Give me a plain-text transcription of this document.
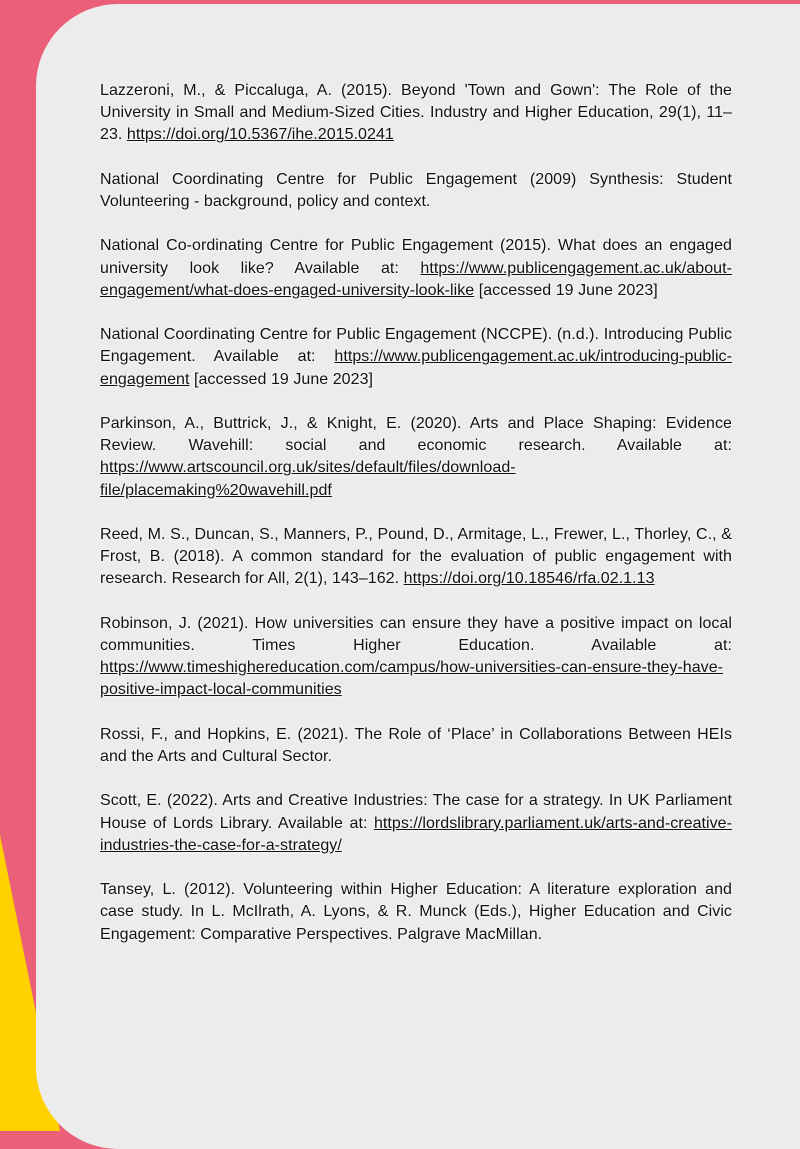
Lazzeroni, M., & Piccaluga, A. (2015). Beyond 'Town and Gown': The Role of the University in Small and Medium-Sized Cities. Industry and Higher Education, 29(1), 11–23. https://doi.org/10.5367/ihe.2015.0241

National Coordinating Centre for Public Engagement (2009) Synthesis: Student Volunteering - background, policy and context.

National Co-ordinating Centre for Public Engagement (2015). What does an engaged university look like? Available at: https://www.publicengagement.ac.uk/about-engagement/what-does-engaged-university-look-like [accessed 19 June 2023]

National Coordinating Centre for Public Engagement (NCCPE). (n.d.). Introducing Public Engagement. Available at: https://www.publicengagement.ac.uk/introducing-public-engagement [accessed 19 June 2023]

Parkinson, A., Buttrick, J., & Knight, E. (2020). Arts and Place Shaping: Evidence Review. Wavehill: social and economic research. Available at: https://www.artscouncil.org.uk/sites/default/files/download-file/placemaking%20wavehill.pdf

Reed, M. S., Duncan, S., Manners, P., Pound, D., Armitage, L., Frewer, L., Thorley, C., & Frost, B. (2018). A common standard for the evaluation of public engagement with research. Research for All, 2(1), 143–162. https://doi.org/10.18546/rfa.02.1.13

Robinson, J. (2021). How universities can ensure they have a positive impact on local communities. Times Higher Education. Available at: https://www.timeshighereducation.com/campus/how-universities-can-ensure-they-have-positive-impact-local-communities

Rossi, F., and Hopkins, E. (2021). The Role of ‘Place’ in Collaborations Between HEIs and the Arts and Cultural Sector.

Scott, E. (2022). Arts and Creative Industries: The case for a strategy. In UK Parliament House of Lords Library. Available at: https://lordslibrary.parliament.uk/arts-and-creative-industries-the-case-for-a-strategy/

Tansey, L. (2012). Volunteering within Higher Education: A literature exploration and case study. In L. McIlrath, A. Lyons, & R. Munck (Eds.), Higher Education and Civic Engagement: Comparative Perspectives. Palgrave MacMillan.
